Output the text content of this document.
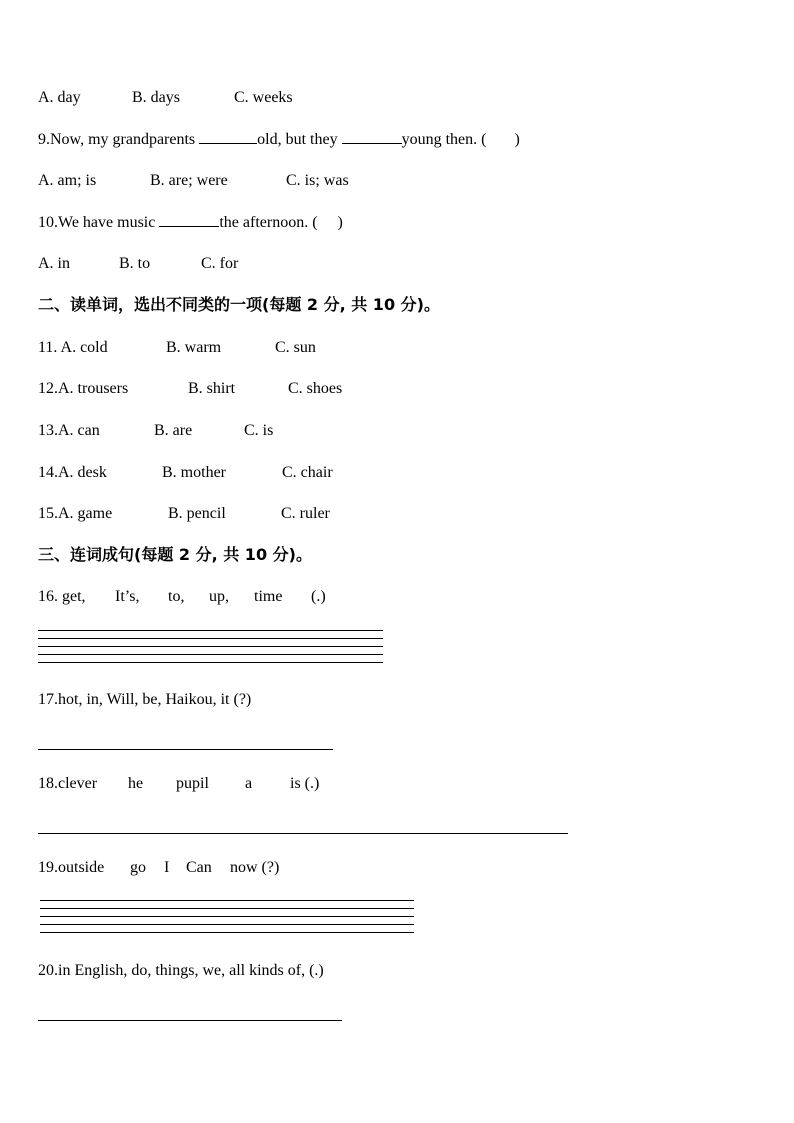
A. day

	B. days

	C. weeks

9.Now, my grandparents	old, but they	young then. ( )

A. am; is

	B. are; were

	C. is; was

10.We have music	the afternoon. ( )

A. in

	B. to

	C. for

二、读单词，选出不同类的一项(每题 2 分, 共 10 分)。

11. A. cold

	B. warm

	C. sun

12.A. trousers

	B. shirt

	C. shoes

13.A. can

	B. are

	C. is

14.A. desk

	B. mother

	C. chair

15.A. game

	B. pencil

	C. ruler

三、连词成句(每题 2 分, 共 10 分)。

16. get,

It’s,

to,

up,

time

(.)

17.hot, in, Will, be, Haikou, it (?)

18.clever

he

pupil

a

is (.)

19.outside

go

I

Can

now (?)

20.in English, do, things, we, all kinds of, (.)
